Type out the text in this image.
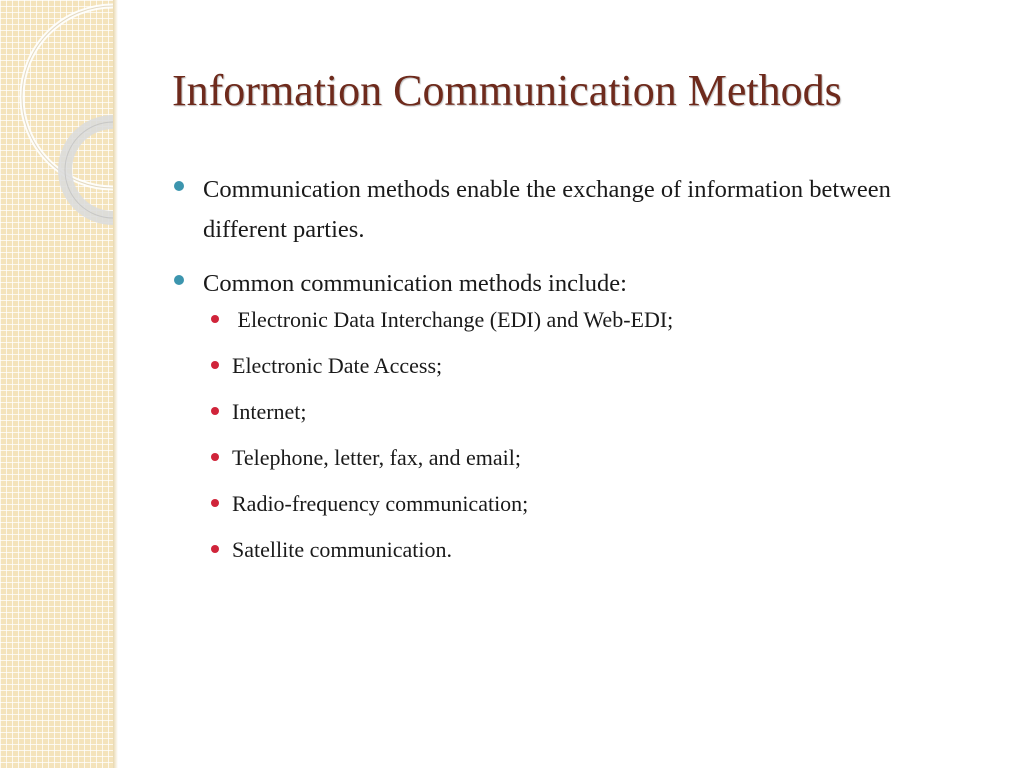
Information Communication Methods
Communication methods enable the exchange of information between different parties.
Common communication methods include:
Electronic Data Interchange (EDI) and Web-EDI;
Electronic Date Access;
Internet;
Telephone, letter, fax, and email;
Radio-frequency communication;
Satellite communication.
